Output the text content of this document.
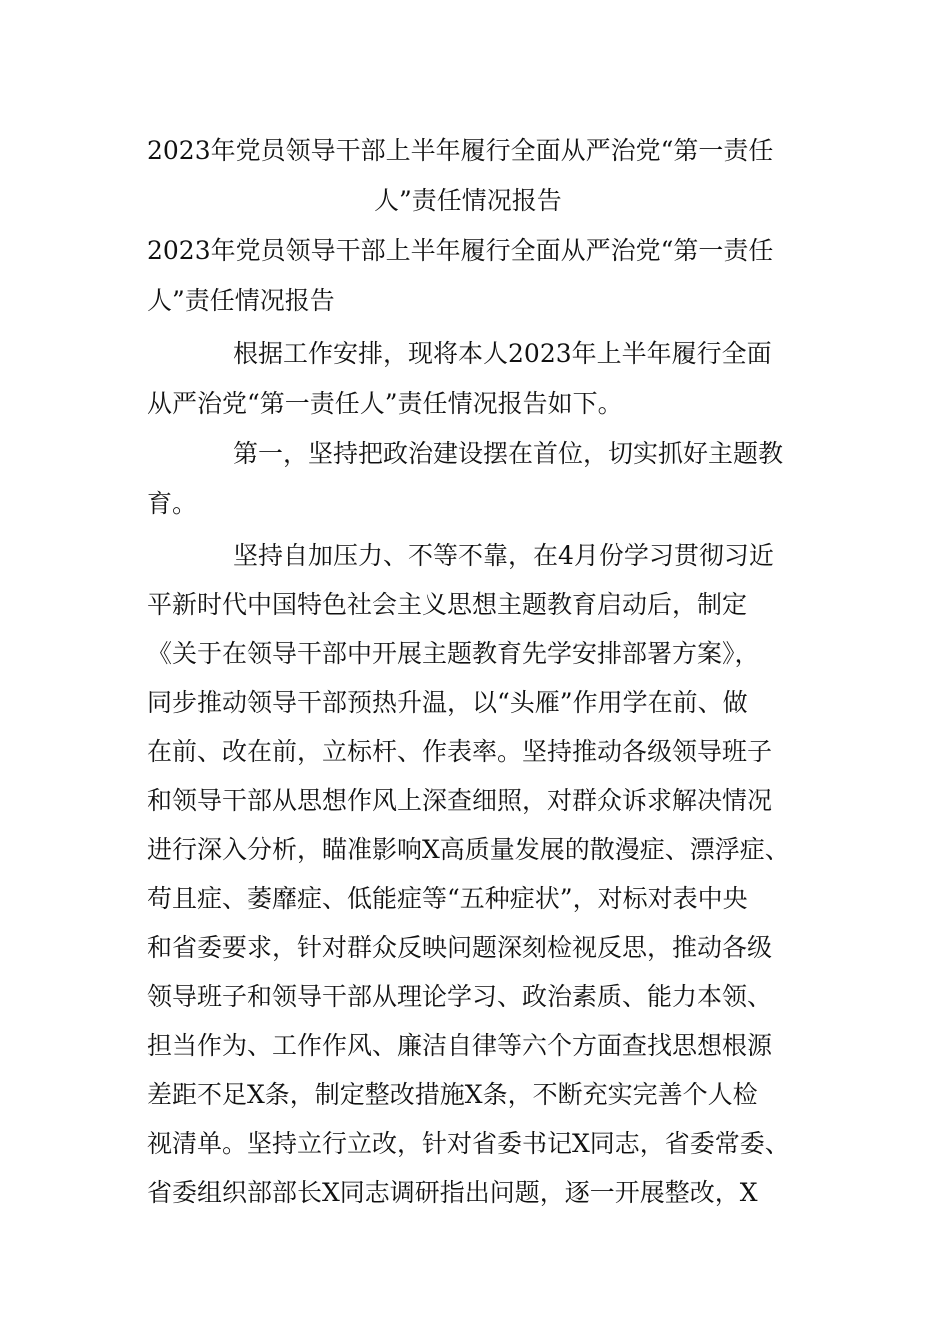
2023年党员领导干部上半年履行全面从严治党“第一责任
人”责任情况报告
2023年党员领导干部上半年履行全面从严治党“第一责任
人”责任情况报告
根据工作安排，现将本人2023年上半年履行全面
从严治党“第一责任人”责任情况报告如下。
第一，坚持把政治建设摆在首位，切实抓好主题教
育。
坚持自加压力、不等不靠，在4月份学习贯彻习近
平新时代中国特色社会主义思想主题教育启动后，制定
《关于在领导干部中开展主题教育先学安排部署方案》，
同步推动领导干部预热升温，以“头雁”作用学在前、做
在前、改在前，立标杆、作表率。坚持推动各级领导班子
和领导干部从思想作风上深查细照，对群众诉求解决情况
进行深入分析，瞄准影响X高质量发展的散漫症、漂浮症、
苟且症、萎靡症、低能症等“五种症状”，对标对表中央
和省委要求，针对群众反映问题深刻检视反思，推动各级
领导班子和领导干部从理论学习、政治素质、能力本领、
担当作为、工作作风、廉洁自律等六个方面查找思想根源
差距不足X条，制定整改措施X条，不断充实完善个人检
视清单。坚持立行立改，针对省委书记X同志，省委常委、
省委组织部部长X同志调研指出问题，逐一开展整改，X
